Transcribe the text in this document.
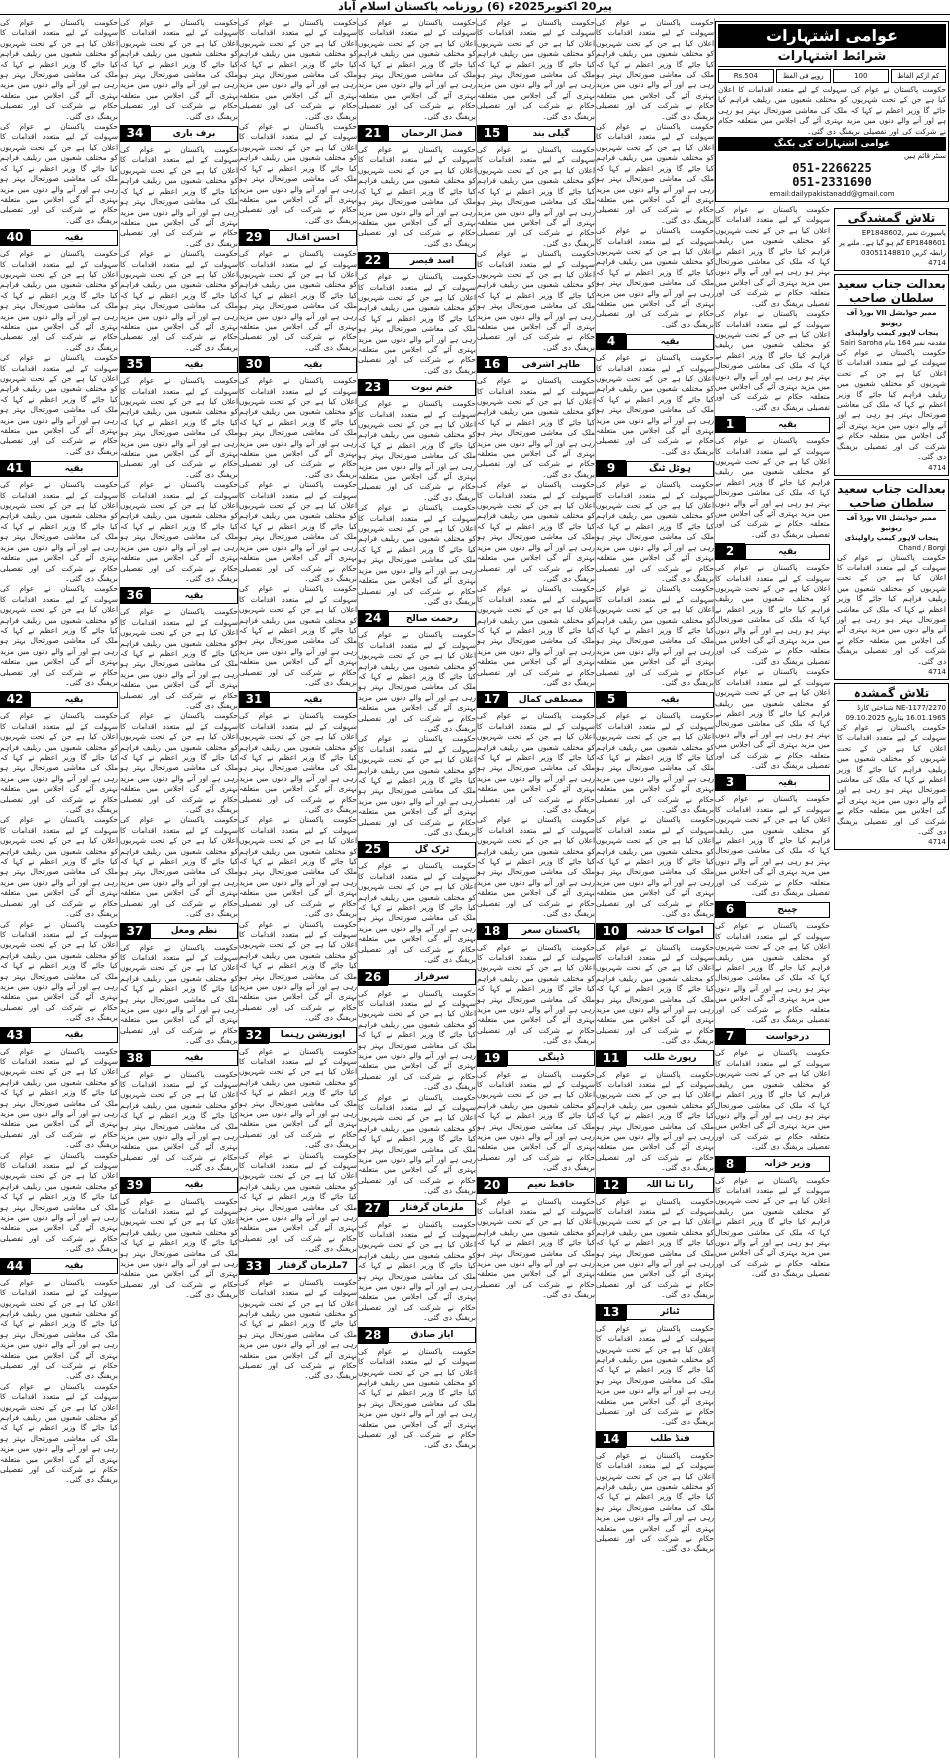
پیر20 اکتوبر2025ء (6) روزنامہ پاکستان اسلام آباد
حکومت پاکستان نے عوام کی سہولت کے لیے متعدد اقدامات کا اعلان کیا ہے جن کے تحت شہریوں کو مختلف شعبوں میں ریلیف فراہم کیا جائے گا وزیر اعظم نے کہا کہ ملک کی معاشی صورتحال بہتر ہو رہی ہے اور آنے والے دنوں میں مزید بہتری آئے گی اجلاس میں متعلقہ حکام نے شرکت کی اور تفصیلی بریفنگ دی گئی۔
حکومت پاکستان نے عوام کی سہولت کے لیے متعدد اقدامات کا اعلان کیا ہے جن کے تحت شہریوں کو مختلف شعبوں میں ریلیف فراہم کیا جائے گا وزیر اعظم نے کہا کہ ملک کی معاشی صورتحال بہتر ہو رہی ہے اور آنے والے دنوں میں مزید بہتری آئے گی اجلاس میں متعلقہ حکام نے شرکت کی اور تفصیلی بریفنگ دی گئی۔
40	بقیہ
حکومت پاکستان نے عوام کی سہولت کے لیے متعدد اقدامات کا اعلان کیا ہے جن کے تحت شہریوں کو مختلف شعبوں میں ریلیف فراہم کیا جائے گا وزیر اعظم نے کہا کہ ملک کی معاشی صورتحال بہتر ہو رہی ہے اور آنے والے دنوں میں مزید بہتری آئے گی اجلاس میں متعلقہ حکام نے شرکت کی اور تفصیلی بریفنگ دی گئی۔
حکومت پاکستان نے عوام کی سہولت کے لیے متعدد اقدامات کا اعلان کیا ہے جن کے تحت شہریوں کو مختلف شعبوں میں ریلیف فراہم کیا جائے گا وزیر اعظم نے کہا کہ ملک کی معاشی صورتحال بہتر ہو رہی ہے اور آنے والے دنوں میں مزید بہتری آئے گی اجلاس میں متعلقہ حکام نے شرکت کی اور تفصیلی بریفنگ دی گئی۔
41	بقیہ
حکومت پاکستان نے عوام کی سہولت کے لیے متعدد اقدامات کا اعلان کیا ہے جن کے تحت شہریوں کو مختلف شعبوں میں ریلیف فراہم کیا جائے گا وزیر اعظم نے کہا کہ ملک کی معاشی صورتحال بہتر ہو رہی ہے اور آنے والے دنوں میں مزید بہتری آئے گی اجلاس میں متعلقہ حکام نے شرکت کی اور تفصیلی بریفنگ دی گئی۔
حکومت پاکستان نے عوام کی سہولت کے لیے متعدد اقدامات کا اعلان کیا ہے جن کے تحت شہریوں کو مختلف شعبوں میں ریلیف فراہم کیا جائے گا وزیر اعظم نے کہا کہ ملک کی معاشی صورتحال بہتر ہو رہی ہے اور آنے والے دنوں میں مزید بہتری آئے گی اجلاس میں متعلقہ حکام نے شرکت کی اور تفصیلی بریفنگ دی گئی۔
42	بقیہ
حکومت پاکستان نے عوام کی سہولت کے لیے متعدد اقدامات کا اعلان کیا ہے جن کے تحت شہریوں کو مختلف شعبوں میں ریلیف فراہم کیا جائے گا وزیر اعظم نے کہا کہ ملک کی معاشی صورتحال بہتر ہو رہی ہے اور آنے والے دنوں میں مزید بہتری آئے گی اجلاس میں متعلقہ حکام نے شرکت کی اور تفصیلی بریفنگ دی گئی۔
حکومت پاکستان نے عوام کی سہولت کے لیے متعدد اقدامات کا اعلان کیا ہے جن کے تحت شہریوں کو مختلف شعبوں میں ریلیف فراہم کیا جائے گا وزیر اعظم نے کہا کہ ملک کی معاشی صورتحال بہتر ہو رہی ہے اور آنے والے دنوں میں مزید بہتری آئے گی اجلاس میں متعلقہ حکام نے شرکت کی اور تفصیلی بریفنگ دی گئی۔
حکومت پاکستان نے عوام کی سہولت کے لیے متعدد اقدامات کا اعلان کیا ہے جن کے تحت شہریوں کو مختلف شعبوں میں ریلیف فراہم کیا جائے گا وزیر اعظم نے کہا کہ ملک کی معاشی صورتحال بہتر ہو رہی ہے اور آنے والے دنوں میں مزید بہتری آئے گی اجلاس میں متعلقہ حکام نے شرکت کی اور تفصیلی بریفنگ دی گئی۔
43	بقیہ
حکومت پاکستان نے عوام کی سہولت کے لیے متعدد اقدامات کا اعلان کیا ہے جن کے تحت شہریوں کو مختلف شعبوں میں ریلیف فراہم کیا جائے گا وزیر اعظم نے کہا کہ ملک کی معاشی صورتحال بہتر ہو رہی ہے اور آنے والے دنوں میں مزید بہتری آئے گی اجلاس میں متعلقہ حکام نے شرکت کی اور تفصیلی بریفنگ دی گئی۔
حکومت پاکستان نے عوام کی سہولت کے لیے متعدد اقدامات کا اعلان کیا ہے جن کے تحت شہریوں کو مختلف شعبوں میں ریلیف فراہم کیا جائے گا وزیر اعظم نے کہا کہ ملک کی معاشی صورتحال بہتر ہو رہی ہے اور آنے والے دنوں میں مزید بہتری آئے گی اجلاس میں متعلقہ حکام نے شرکت کی اور تفصیلی بریفنگ دی گئی۔
44	بقیہ
حکومت پاکستان نے عوام کی سہولت کے لیے متعدد اقدامات کا اعلان کیا ہے جن کے تحت شہریوں کو مختلف شعبوں میں ریلیف فراہم کیا جائے گا وزیر اعظم نے کہا کہ ملک کی معاشی صورتحال بہتر ہو رہی ہے اور آنے والے دنوں میں مزید بہتری آئے گی اجلاس میں متعلقہ حکام نے شرکت کی اور تفصیلی بریفنگ دی گئی۔
حکومت پاکستان نے عوام کی سہولت کے لیے متعدد اقدامات کا اعلان کیا ہے جن کے تحت شہریوں کو مختلف شعبوں میں ریلیف فراہم کیا جائے گا وزیر اعظم نے کہا کہ ملک کی معاشی صورتحال بہتر ہو رہی ہے اور آنے والے دنوں میں مزید بہتری آئے گی اجلاس میں متعلقہ حکام نے شرکت کی اور تفصیلی بریفنگ دی گئی۔
حکومت پاکستان نے عوام کی سہولت کے لیے متعدد اقدامات کا اعلان کیا ہے جن کے تحت شہریوں کو مختلف شعبوں میں ریلیف فراہم کیا جائے گا وزیر اعظم نے کہا کہ ملک کی معاشی صورتحال بہتر ہو رہی ہے اور آنے والے دنوں میں مزید بہتری آئے گی اجلاس میں متعلقہ حکام نے شرکت کی اور تفصیلی بریفنگ دی گئی۔
34	برف باری
حکومت پاکستان نے عوام کی سہولت کے لیے متعدد اقدامات کا اعلان کیا ہے جن کے تحت شہریوں کو مختلف شعبوں میں ریلیف فراہم کیا جائے گا وزیر اعظم نے کہا کہ ملک کی معاشی صورتحال بہتر ہو رہی ہے اور آنے والے دنوں میں مزید بہتری آئے گی اجلاس میں متعلقہ حکام نے شرکت کی اور تفصیلی بریفنگ دی گئی۔
حکومت پاکستان نے عوام کی سہولت کے لیے متعدد اقدامات کا اعلان کیا ہے جن کے تحت شہریوں کو مختلف شعبوں میں ریلیف فراہم کیا جائے گا وزیر اعظم نے کہا کہ ملک کی معاشی صورتحال بہتر ہو رہی ہے اور آنے والے دنوں میں مزید بہتری آئے گی اجلاس میں متعلقہ حکام نے شرکت کی اور تفصیلی بریفنگ دی گئی۔
35	بقیہ
حکومت پاکستان نے عوام کی سہولت کے لیے متعدد اقدامات کا اعلان کیا ہے جن کے تحت شہریوں کو مختلف شعبوں میں ریلیف فراہم کیا جائے گا وزیر اعظم نے کہا کہ ملک کی معاشی صورتحال بہتر ہو رہی ہے اور آنے والے دنوں میں مزید بہتری آئے گی اجلاس میں متعلقہ حکام نے شرکت کی اور تفصیلی بریفنگ دی گئی۔
حکومت پاکستان نے عوام کی سہولت کے لیے متعدد اقدامات کا اعلان کیا ہے جن کے تحت شہریوں کو مختلف شعبوں میں ریلیف فراہم کیا جائے گا وزیر اعظم نے کہا کہ ملک کی معاشی صورتحال بہتر ہو رہی ہے اور آنے والے دنوں میں مزید بہتری آئے گی اجلاس میں متعلقہ حکام نے شرکت کی اور تفصیلی بریفنگ دی گئی۔
36	بقیہ
حکومت پاکستان نے عوام کی سہولت کے لیے متعدد اقدامات کا اعلان کیا ہے جن کے تحت شہریوں کو مختلف شعبوں میں ریلیف فراہم کیا جائے گا وزیر اعظم نے کہا کہ ملک کی معاشی صورتحال بہتر ہو رہی ہے اور آنے والے دنوں میں مزید بہتری آئے گی اجلاس میں متعلقہ حکام نے شرکت کی اور تفصیلی بریفنگ دی گئی۔
حکومت پاکستان نے عوام کی سہولت کے لیے متعدد اقدامات کا اعلان کیا ہے جن کے تحت شہریوں کو مختلف شعبوں میں ریلیف فراہم کیا جائے گا وزیر اعظم نے کہا کہ ملک کی معاشی صورتحال بہتر ہو رہی ہے اور آنے والے دنوں میں مزید بہتری آئے گی اجلاس میں متعلقہ حکام نے شرکت کی اور تفصیلی بریفنگ دی گئی۔
حکومت پاکستان نے عوام کی سہولت کے لیے متعدد اقدامات کا اعلان کیا ہے جن کے تحت شہریوں کو مختلف شعبوں میں ریلیف فراہم کیا جائے گا وزیر اعظم نے کہا کہ ملک کی معاشی صورتحال بہتر ہو رہی ہے اور آنے والے دنوں میں مزید بہتری آئے گی اجلاس میں متعلقہ حکام نے شرکت کی اور تفصیلی بریفنگ دی گئی۔
37	نظم ومعل
حکومت پاکستان نے عوام کی سہولت کے لیے متعدد اقدامات کا اعلان کیا ہے جن کے تحت شہریوں کو مختلف شعبوں میں ریلیف فراہم کیا جائے گا وزیر اعظم نے کہا کہ ملک کی معاشی صورتحال بہتر ہو رہی ہے اور آنے والے دنوں میں مزید بہتری آئے گی اجلاس میں متعلقہ حکام نے شرکت کی اور تفصیلی بریفنگ دی گئی۔
38	بقیہ
حکومت پاکستان نے عوام کی سہولت کے لیے متعدد اقدامات کا اعلان کیا ہے جن کے تحت شہریوں کو مختلف شعبوں میں ریلیف فراہم کیا جائے گا وزیر اعظم نے کہا کہ ملک کی معاشی صورتحال بہتر ہو رہی ہے اور آنے والے دنوں میں مزید بہتری آئے گی اجلاس میں متعلقہ حکام نے شرکت کی اور تفصیلی بریفنگ دی گئی۔
39	بقیہ
حکومت پاکستان نے عوام کی سہولت کے لیے متعدد اقدامات کا اعلان کیا ہے جن کے تحت شہریوں کو مختلف شعبوں میں ریلیف فراہم کیا جائے گا وزیر اعظم نے کہا کہ ملک کی معاشی صورتحال بہتر ہو رہی ہے اور آنے والے دنوں میں مزید بہتری آئے گی اجلاس میں متعلقہ حکام نے شرکت کی اور تفصیلی بریفنگ دی گئی۔
حکومت پاکستان نے عوام کی سہولت کے لیے متعدد اقدامات کا اعلان کیا ہے جن کے تحت شہریوں کو مختلف شعبوں میں ریلیف فراہم کیا جائے گا وزیر اعظم نے کہا کہ ملک کی معاشی صورتحال بہتر ہو رہی ہے اور آنے والے دنوں میں مزید بہتری آئے گی اجلاس میں متعلقہ حکام نے شرکت کی اور تفصیلی بریفنگ دی گئی۔
حکومت پاکستان نے عوام کی سہولت کے لیے متعدد اقدامات کا اعلان کیا ہے جن کے تحت شہریوں کو مختلف شعبوں میں ریلیف فراہم کیا جائے گا وزیر اعظم نے کہا کہ ملک کی معاشی صورتحال بہتر ہو رہی ہے اور آنے والے دنوں میں مزید بہتری آئے گی اجلاس میں متعلقہ حکام نے شرکت کی اور تفصیلی بریفنگ دی گئی۔
29	احسن اقبال
حکومت پاکستان نے عوام کی سہولت کے لیے متعدد اقدامات کا اعلان کیا ہے جن کے تحت شہریوں کو مختلف شعبوں میں ریلیف فراہم کیا جائے گا وزیر اعظم نے کہا کہ ملک کی معاشی صورتحال بہتر ہو رہی ہے اور آنے والے دنوں میں مزید بہتری آئے گی اجلاس میں متعلقہ حکام نے شرکت کی اور تفصیلی بریفنگ دی گئی۔
30	بقیہ
حکومت پاکستان نے عوام کی سہولت کے لیے متعدد اقدامات کا اعلان کیا ہے جن کے تحت شہریوں کو مختلف شعبوں میں ریلیف فراہم کیا جائے گا وزیر اعظم نے کہا کہ ملک کی معاشی صورتحال بہتر ہو رہی ہے اور آنے والے دنوں میں مزید بہتری آئے گی اجلاس میں متعلقہ حکام نے شرکت کی اور تفصیلی بریفنگ دی گئی۔
حکومت پاکستان نے عوام کی سہولت کے لیے متعدد اقدامات کا اعلان کیا ہے جن کے تحت شہریوں کو مختلف شعبوں میں ریلیف فراہم کیا جائے گا وزیر اعظم نے کہا کہ ملک کی معاشی صورتحال بہتر ہو رہی ہے اور آنے والے دنوں میں مزید بہتری آئے گی اجلاس میں متعلقہ حکام نے شرکت کی اور تفصیلی بریفنگ دی گئی۔
حکومت پاکستان نے عوام کی سہولت کے لیے متعدد اقدامات کا اعلان کیا ہے جن کے تحت شہریوں کو مختلف شعبوں میں ریلیف فراہم کیا جائے گا وزیر اعظم نے کہا کہ ملک کی معاشی صورتحال بہتر ہو رہی ہے اور آنے والے دنوں میں مزید بہتری آئے گی اجلاس میں متعلقہ حکام نے شرکت کی اور تفصیلی بریفنگ دی گئی۔
31	بقیہ
حکومت پاکستان نے عوام کی سہولت کے لیے متعدد اقدامات کا اعلان کیا ہے جن کے تحت شہریوں کو مختلف شعبوں میں ریلیف فراہم کیا جائے گا وزیر اعظم نے کہا کہ ملک کی معاشی صورتحال بہتر ہو رہی ہے اور آنے والے دنوں میں مزید بہتری آئے گی اجلاس میں متعلقہ حکام نے شرکت کی اور تفصیلی بریفنگ دی گئی۔
حکومت پاکستان نے عوام کی سہولت کے لیے متعدد اقدامات کا اعلان کیا ہے جن کے تحت شہریوں کو مختلف شعبوں میں ریلیف فراہم کیا جائے گا وزیر اعظم نے کہا کہ ملک کی معاشی صورتحال بہتر ہو رہی ہے اور آنے والے دنوں میں مزید بہتری آئے گی اجلاس میں متعلقہ حکام نے شرکت کی اور تفصیلی بریفنگ دی گئی۔
حکومت پاکستان نے عوام کی سہولت کے لیے متعدد اقدامات کا اعلان کیا ہے جن کے تحت شہریوں کو مختلف شعبوں میں ریلیف فراہم کیا جائے گا وزیر اعظم نے کہا کہ ملک کی معاشی صورتحال بہتر ہو رہی ہے اور آنے والے دنوں میں مزید بہتری آئے گی اجلاس میں متعلقہ حکام نے شرکت کی اور تفصیلی بریفنگ دی گئی۔
32	اپوزیشن رہنما
حکومت پاکستان نے عوام کی سہولت کے لیے متعدد اقدامات کا اعلان کیا ہے جن کے تحت شہریوں کو مختلف شعبوں میں ریلیف فراہم کیا جائے گا وزیر اعظم نے کہا کہ ملک کی معاشی صورتحال بہتر ہو رہی ہے اور آنے والے دنوں میں مزید بہتری آئے گی اجلاس میں متعلقہ حکام نے شرکت کی اور تفصیلی بریفنگ دی گئی۔
حکومت پاکستان نے عوام کی سہولت کے لیے متعدد اقدامات کا اعلان کیا ہے جن کے تحت شہریوں کو مختلف شعبوں میں ریلیف فراہم کیا جائے گا وزیر اعظم نے کہا کہ ملک کی معاشی صورتحال بہتر ہو رہی ہے اور آنے والے دنوں میں مزید بہتری آئے گی اجلاس میں متعلقہ حکام نے شرکت کی اور تفصیلی بریفنگ دی گئی۔
33	7ملزمان گرفتار
حکومت پاکستان نے عوام کی سہولت کے لیے متعدد اقدامات کا اعلان کیا ہے جن کے تحت شہریوں کو مختلف شعبوں میں ریلیف فراہم کیا جائے گا وزیر اعظم نے کہا کہ ملک کی معاشی صورتحال بہتر ہو رہی ہے اور آنے والے دنوں میں مزید بہتری آئے گی اجلاس میں متعلقہ حکام نے شرکت کی اور تفصیلی بریفنگ دی گئی۔
حکومت پاکستان نے عوام کی سہولت کے لیے متعدد اقدامات کا اعلان کیا ہے جن کے تحت شہریوں کو مختلف شعبوں میں ریلیف فراہم کیا جائے گا وزیر اعظم نے کہا کہ ملک کی معاشی صورتحال بہتر ہو رہی ہے اور آنے والے دنوں میں مزید بہتری آئے گی اجلاس میں متعلقہ حکام نے شرکت کی اور تفصیلی بریفنگ دی گئی۔
21	فضل الرحمان
حکومت پاکستان نے عوام کی سہولت کے لیے متعدد اقدامات کا اعلان کیا ہے جن کے تحت شہریوں کو مختلف شعبوں میں ریلیف فراہم کیا جائے گا وزیر اعظم نے کہا کہ ملک کی معاشی صورتحال بہتر ہو رہی ہے اور آنے والے دنوں میں مزید بہتری آئے گی اجلاس میں متعلقہ حکام نے شرکت کی اور تفصیلی بریفنگ دی گئی۔
22	اسد قیصر
حکومت پاکستان نے عوام کی سہولت کے لیے متعدد اقدامات کا اعلان کیا ہے جن کے تحت شہریوں کو مختلف شعبوں میں ریلیف فراہم کیا جائے گا وزیر اعظم نے کہا کہ ملک کی معاشی صورتحال بہتر ہو رہی ہے اور آنے والے دنوں میں مزید بہتری آئے گی اجلاس میں متعلقہ حکام نے شرکت کی اور تفصیلی بریفنگ دی گئی۔
23	ختم نبوت
حکومت پاکستان نے عوام کی سہولت کے لیے متعدد اقدامات کا اعلان کیا ہے جن کے تحت شہریوں کو مختلف شعبوں میں ریلیف فراہم کیا جائے گا وزیر اعظم نے کہا کہ ملک کی معاشی صورتحال بہتر ہو رہی ہے اور آنے والے دنوں میں مزید بہتری آئے گی اجلاس میں متعلقہ حکام نے شرکت کی اور تفصیلی بریفنگ دی گئی۔
حکومت پاکستان نے عوام کی سہولت کے لیے متعدد اقدامات کا اعلان کیا ہے جن کے تحت شہریوں کو مختلف شعبوں میں ریلیف فراہم کیا جائے گا وزیر اعظم نے کہا کہ ملک کی معاشی صورتحال بہتر ہو رہی ہے اور آنے والے دنوں میں مزید بہتری آئے گی اجلاس میں متعلقہ حکام نے شرکت کی اور تفصیلی بریفنگ دی گئی۔
24	رحمت صالح
حکومت پاکستان نے عوام کی سہولت کے لیے متعدد اقدامات کا اعلان کیا ہے جن کے تحت شہریوں کو مختلف شعبوں میں ریلیف فراہم کیا جائے گا وزیر اعظم نے کہا کہ ملک کی معاشی صورتحال بہتر ہو رہی ہے اور آنے والے دنوں میں مزید بہتری آئے گی اجلاس میں متعلقہ حکام نے شرکت کی اور تفصیلی بریفنگ دی گئی۔
حکومت پاکستان نے عوام کی سہولت کے لیے متعدد اقدامات کا اعلان کیا ہے جن کے تحت شہریوں کو مختلف شعبوں میں ریلیف فراہم کیا جائے گا وزیر اعظم نے کہا کہ ملک کی معاشی صورتحال بہتر ہو رہی ہے اور آنے والے دنوں میں مزید بہتری آئے گی اجلاس میں متعلقہ حکام نے شرکت کی اور تفصیلی بریفنگ دی گئی۔
25	ٹرک گل
حکومت پاکستان نے عوام کی سہولت کے لیے متعدد اقدامات کا اعلان کیا ہے جن کے تحت شہریوں کو مختلف شعبوں میں ریلیف فراہم کیا جائے گا وزیر اعظم نے کہا کہ ملک کی معاشی صورتحال بہتر ہو رہی ہے اور آنے والے دنوں میں مزید بہتری آئے گی اجلاس میں متعلقہ حکام نے شرکت کی اور تفصیلی بریفنگ دی گئی۔
26	سرفراز
حکومت پاکستان نے عوام کی سہولت کے لیے متعدد اقدامات کا اعلان کیا ہے جن کے تحت شہریوں کو مختلف شعبوں میں ریلیف فراہم کیا جائے گا وزیر اعظم نے کہا کہ ملک کی معاشی صورتحال بہتر ہو رہی ہے اور آنے والے دنوں میں مزید بہتری آئے گی اجلاس میں متعلقہ حکام نے شرکت کی اور تفصیلی بریفنگ دی گئی۔
حکومت پاکستان نے عوام کی سہولت کے لیے متعدد اقدامات کا اعلان کیا ہے جن کے تحت شہریوں کو مختلف شعبوں میں ریلیف فراہم کیا جائے گا وزیر اعظم نے کہا کہ ملک کی معاشی صورتحال بہتر ہو رہی ہے اور آنے والے دنوں میں مزید بہتری آئے گی اجلاس میں متعلقہ حکام نے شرکت کی اور تفصیلی بریفنگ دی گئی۔
27	ملزمان گرفتار
حکومت پاکستان نے عوام کی سہولت کے لیے متعدد اقدامات کا اعلان کیا ہے جن کے تحت شہریوں کو مختلف شعبوں میں ریلیف فراہم کیا جائے گا وزیر اعظم نے کہا کہ ملک کی معاشی صورتحال بہتر ہو رہی ہے اور آنے والے دنوں میں مزید بہتری آئے گی اجلاس میں متعلقہ حکام نے شرکت کی اور تفصیلی بریفنگ دی گئی۔
28	ایاز صادق
حکومت پاکستان نے عوام کی سہولت کے لیے متعدد اقدامات کا اعلان کیا ہے جن کے تحت شہریوں کو مختلف شعبوں میں ریلیف فراہم کیا جائے گا وزیر اعظم نے کہا کہ ملک کی معاشی صورتحال بہتر ہو رہی ہے اور آنے والے دنوں میں مزید بہتری آئے گی اجلاس میں متعلقہ حکام نے شرکت کی اور تفصیلی بریفنگ دی گئی۔
حکومت پاکستان نے عوام کی سہولت کے لیے متعدد اقدامات کا اعلان کیا ہے جن کے تحت شہریوں کو مختلف شعبوں میں ریلیف فراہم کیا جائے گا وزیر اعظم نے کہا کہ ملک کی معاشی صورتحال بہتر ہو رہی ہے اور آنے والے دنوں میں مزید بہتری آئے گی اجلاس میں متعلقہ حکام نے شرکت کی اور تفصیلی بریفنگ دی گئی۔
15	گیلی بند
حکومت پاکستان نے عوام کی سہولت کے لیے متعدد اقدامات کا اعلان کیا ہے جن کے تحت شہریوں کو مختلف شعبوں میں ریلیف فراہم کیا جائے گا وزیر اعظم نے کہا کہ ملک کی معاشی صورتحال بہتر ہو رہی ہے اور آنے والے دنوں میں مزید بہتری آئے گی اجلاس میں متعلقہ حکام نے شرکت کی اور تفصیلی بریفنگ دی گئی۔
حکومت پاکستان نے عوام کی سہولت کے لیے متعدد اقدامات کا اعلان کیا ہے جن کے تحت شہریوں کو مختلف شعبوں میں ریلیف فراہم کیا جائے گا وزیر اعظم نے کہا کہ ملک کی معاشی صورتحال بہتر ہو رہی ہے اور آنے والے دنوں میں مزید بہتری آئے گی اجلاس میں متعلقہ حکام نے شرکت کی اور تفصیلی بریفنگ دی گئی۔
16	طاہر اشرفی
حکومت پاکستان نے عوام کی سہولت کے لیے متعدد اقدامات کا اعلان کیا ہے جن کے تحت شہریوں کو مختلف شعبوں میں ریلیف فراہم کیا جائے گا وزیر اعظم نے کہا کہ ملک کی معاشی صورتحال بہتر ہو رہی ہے اور آنے والے دنوں میں مزید بہتری آئے گی اجلاس میں متعلقہ حکام نے شرکت کی اور تفصیلی بریفنگ دی گئی۔
حکومت پاکستان نے عوام کی سہولت کے لیے متعدد اقدامات کا اعلان کیا ہے جن کے تحت شہریوں کو مختلف شعبوں میں ریلیف فراہم کیا جائے گا وزیر اعظم نے کہا کہ ملک کی معاشی صورتحال بہتر ہو رہی ہے اور آنے والے دنوں میں مزید بہتری آئے گی اجلاس میں متعلقہ حکام نے شرکت کی اور تفصیلی بریفنگ دی گئی۔
حکومت پاکستان نے عوام کی سہولت کے لیے متعدد اقدامات کا اعلان کیا ہے جن کے تحت شہریوں کو مختلف شعبوں میں ریلیف فراہم کیا جائے گا وزیر اعظم نے کہا کہ ملک کی معاشی صورتحال بہتر ہو رہی ہے اور آنے والے دنوں میں مزید بہتری آئے گی اجلاس میں متعلقہ حکام نے شرکت کی اور تفصیلی بریفنگ دی گئی۔
17	مصطفی کمال
حکومت پاکستان نے عوام کی سہولت کے لیے متعدد اقدامات کا اعلان کیا ہے جن کے تحت شہریوں کو مختلف شعبوں میں ریلیف فراہم کیا جائے گا وزیر اعظم نے کہا کہ ملک کی معاشی صورتحال بہتر ہو رہی ہے اور آنے والے دنوں میں مزید بہتری آئے گی اجلاس میں متعلقہ حکام نے شرکت کی اور تفصیلی بریفنگ دی گئی۔
حکومت پاکستان نے عوام کی سہولت کے لیے متعدد اقدامات کا اعلان کیا ہے جن کے تحت شہریوں کو مختلف شعبوں میں ریلیف فراہم کیا جائے گا وزیر اعظم نے کہا کہ ملک کی معاشی صورتحال بہتر ہو رہی ہے اور آنے والے دنوں میں مزید بہتری آئے گی اجلاس میں متعلقہ حکام نے شرکت کی اور تفصیلی بریفنگ دی گئی۔
18	پاکستان سعر
حکومت پاکستان نے عوام کی سہولت کے لیے متعدد اقدامات کا اعلان کیا ہے جن کے تحت شہریوں کو مختلف شعبوں میں ریلیف فراہم کیا جائے گا وزیر اعظم نے کہا کہ ملک کی معاشی صورتحال بہتر ہو رہی ہے اور آنے والے دنوں میں مزید بہتری آئے گی اجلاس میں متعلقہ حکام نے شرکت کی اور تفصیلی بریفنگ دی گئی۔
19	ڈینگی
حکومت پاکستان نے عوام کی سہولت کے لیے متعدد اقدامات کا اعلان کیا ہے جن کے تحت شہریوں کو مختلف شعبوں میں ریلیف فراہم کیا جائے گا وزیر اعظم نے کہا کہ ملک کی معاشی صورتحال بہتر ہو رہی ہے اور آنے والے دنوں میں مزید بہتری آئے گی اجلاس میں متعلقہ حکام نے شرکت کی اور تفصیلی بریفنگ دی گئی۔
20	حافظ نعیم
حکومت پاکستان نے عوام کی سہولت کے لیے متعدد اقدامات کا اعلان کیا ہے جن کے تحت شہریوں کو مختلف شعبوں میں ریلیف فراہم کیا جائے گا وزیر اعظم نے کہا کہ ملک کی معاشی صورتحال بہتر ہو رہی ہے اور آنے والے دنوں میں مزید بہتری آئے گی اجلاس میں متعلقہ حکام نے شرکت کی اور تفصیلی بریفنگ دی گئی۔
حکومت پاکستان نے عوام کی سہولت کے لیے متعدد اقدامات کا اعلان کیا ہے جن کے تحت شہریوں کو مختلف شعبوں میں ریلیف فراہم کیا جائے گا وزیر اعظم نے کہا کہ ملک کی معاشی صورتحال بہتر ہو رہی ہے اور آنے والے دنوں میں مزید بہتری آئے گی اجلاس میں متعلقہ حکام نے شرکت کی اور تفصیلی بریفنگ دی گئی۔
حکومت پاکستان نے عوام کی سہولت کے لیے متعدد اقدامات کا اعلان کیا ہے جن کے تحت شہریوں کو مختلف شعبوں میں ریلیف فراہم کیا جائے گا وزیر اعظم نے کہا کہ ملک کی معاشی صورتحال بہتر ہو رہی ہے اور آنے والے دنوں میں مزید بہتری آئے گی اجلاس میں متعلقہ حکام نے شرکت کی اور تفصیلی بریفنگ دی گئی۔
حکومت پاکستان نے عوام کی سہولت کے لیے متعدد اقدامات کا اعلان کیا ہے جن کے تحت شہریوں کو مختلف شعبوں میں ریلیف فراہم کیا جائے گا وزیر اعظم نے کہا کہ ملک کی معاشی صورتحال بہتر ہو رہی ہے اور آنے والے دنوں میں مزید بہتری آئے گی اجلاس میں متعلقہ حکام نے شرکت کی اور تفصیلی بریفنگ دی گئی۔
4	بقیہ
حکومت پاکستان نے عوام کی سہولت کے لیے متعدد اقدامات کا اعلان کیا ہے جن کے تحت شہریوں کو مختلف شعبوں میں ریلیف فراہم کیا جائے گا وزیر اعظم نے کہا کہ ملک کی معاشی صورتحال بہتر ہو رہی ہے اور آنے والے دنوں میں مزید بہتری آئے گی اجلاس میں متعلقہ حکام نے شرکت کی اور تفصیلی بریفنگ دی گئی۔
9	ہوٹل ٹنگ
حکومت پاکستان نے عوام کی سہولت کے لیے متعدد اقدامات کا اعلان کیا ہے جن کے تحت شہریوں کو مختلف شعبوں میں ریلیف فراہم کیا جائے گا وزیر اعظم نے کہا کہ ملک کی معاشی صورتحال بہتر ہو رہی ہے اور آنے والے دنوں میں مزید بہتری آئے گی اجلاس میں متعلقہ حکام نے شرکت کی اور تفصیلی بریفنگ دی گئی۔
حکومت پاکستان نے عوام کی سہولت کے لیے متعدد اقدامات کا اعلان کیا ہے جن کے تحت شہریوں کو مختلف شعبوں میں ریلیف فراہم کیا جائے گا وزیر اعظم نے کہا کہ ملک کی معاشی صورتحال بہتر ہو رہی ہے اور آنے والے دنوں میں مزید بہتری آئے گی اجلاس میں متعلقہ حکام نے شرکت کی اور تفصیلی بریفنگ دی گئی۔
5	بقیہ
حکومت پاکستان نے عوام کی سہولت کے لیے متعدد اقدامات کا اعلان کیا ہے جن کے تحت شہریوں کو مختلف شعبوں میں ریلیف فراہم کیا جائے گا وزیر اعظم نے کہا کہ ملک کی معاشی صورتحال بہتر ہو رہی ہے اور آنے والے دنوں میں مزید بہتری آئے گی اجلاس میں متعلقہ حکام نے شرکت کی اور تفصیلی بریفنگ دی گئی۔
حکومت پاکستان نے عوام کی سہولت کے لیے متعدد اقدامات کا اعلان کیا ہے جن کے تحت شہریوں کو مختلف شعبوں میں ریلیف فراہم کیا جائے گا وزیر اعظم نے کہا کہ ملک کی معاشی صورتحال بہتر ہو رہی ہے اور آنے والے دنوں میں مزید بہتری آئے گی اجلاس میں متعلقہ حکام نے شرکت کی اور تفصیلی بریفنگ دی گئی۔
10	اموات کا خدشہ
حکومت پاکستان نے عوام کی سہولت کے لیے متعدد اقدامات کا اعلان کیا ہے جن کے تحت شہریوں کو مختلف شعبوں میں ریلیف فراہم کیا جائے گا وزیر اعظم نے کہا کہ ملک کی معاشی صورتحال بہتر ہو رہی ہے اور آنے والے دنوں میں مزید بہتری آئے گی اجلاس میں متعلقہ حکام نے شرکت کی اور تفصیلی بریفنگ دی گئی۔
11	رپورٹ طلب
حکومت پاکستان نے عوام کی سہولت کے لیے متعدد اقدامات کا اعلان کیا ہے جن کے تحت شہریوں کو مختلف شعبوں میں ریلیف فراہم کیا جائے گا وزیر اعظم نے کہا کہ ملک کی معاشی صورتحال بہتر ہو رہی ہے اور آنے والے دنوں میں مزید بہتری آئے گی اجلاس میں متعلقہ حکام نے شرکت کی اور تفصیلی بریفنگ دی گئی۔
12	رانا ثنا اللہ
حکومت پاکستان نے عوام کی سہولت کے لیے متعدد اقدامات کا اعلان کیا ہے جن کے تحت شہریوں کو مختلف شعبوں میں ریلیف فراہم کیا جائے گا وزیر اعظم نے کہا کہ ملک کی معاشی صورتحال بہتر ہو رہی ہے اور آنے والے دنوں میں مزید بہتری آئے گی اجلاس میں متعلقہ حکام نے شرکت کی اور تفصیلی بریفنگ دی گئی۔
13	ٹنائر
حکومت پاکستان نے عوام کی سہولت کے لیے متعدد اقدامات کا اعلان کیا ہے جن کے تحت شہریوں کو مختلف شعبوں میں ریلیف فراہم کیا جائے گا وزیر اعظم نے کہا کہ ملک کی معاشی صورتحال بہتر ہو رہی ہے اور آنے والے دنوں میں مزید بہتری آئے گی اجلاس میں متعلقہ حکام نے شرکت کی اور تفصیلی بریفنگ دی گئی۔
14	فنڈ طلب
حکومت پاکستان نے عوام کی سہولت کے لیے متعدد اقدامات کا اعلان کیا ہے جن کے تحت شہریوں کو مختلف شعبوں میں ریلیف فراہم کیا جائے گا وزیر اعظم نے کہا کہ ملک کی معاشی صورتحال بہتر ہو رہی ہے اور آنے والے دنوں میں مزید بہتری آئے گی اجلاس میں متعلقہ حکام نے شرکت کی اور تفصیلی بریفنگ دی گئی۔
عوامی اشتہارات
شرائط اشتہارات
کم ازکم الفاظ
100
روپے فی الفظ
Rs.504
حکومت پاکستان نے عوام کی سہولت کے لیے متعدد اقدامات کا اعلان کیا ہے جن کے تحت شہریوں کو مختلف شعبوں میں ریلیف فراہم کیا جائے گا وزیر اعظم نے کہا کہ ملک کی معاشی صورتحال بہتر ہو رہی ہے اور آنے والے دنوں میں مزید بہتری آئے گی اجلاس میں متعلقہ حکام نے شرکت کی اور تفصیلی بریفنگ دی گئی۔
عوامی اشتہارات کی بکنگ
سنٹر قائم ہیں
051-2266225
051-2331690
email:dailypakistanadd@gmail.com
حکومت پاکستان نے عوام کی سہولت کے لیے متعدد اقدامات کا اعلان کیا ہے جن کے تحت شہریوں کو مختلف شعبوں میں ریلیف فراہم کیا جائے گا وزیر اعظم نے کہا کہ ملک کی معاشی صورتحال بہتر ہو رہی ہے اور آنے والے دنوں میں مزید بہتری آئے گی اجلاس میں متعلقہ حکام نے شرکت کی اور تفصیلی بریفنگ دی گئی۔
حکومت پاکستان نے عوام کی سہولت کے لیے متعدد اقدامات کا اعلان کیا ہے جن کے تحت شہریوں کو مختلف شعبوں میں ریلیف فراہم کیا جائے گا وزیر اعظم نے کہا کہ ملک کی معاشی صورتحال بہتر ہو رہی ہے اور آنے والے دنوں میں مزید بہتری آئے گی اجلاس میں متعلقہ حکام نے شرکت کی اور تفصیلی بریفنگ دی گئی۔
1	بقیہ
حکومت پاکستان نے عوام کی سہولت کے لیے متعدد اقدامات کا اعلان کیا ہے جن کے تحت شہریوں کو مختلف شعبوں میں ریلیف فراہم کیا جائے گا وزیر اعظم نے کہا کہ ملک کی معاشی صورتحال بہتر ہو رہی ہے اور آنے والے دنوں میں مزید بہتری آئے گی اجلاس میں متعلقہ حکام نے شرکت کی اور تفصیلی بریفنگ دی گئی۔
2	بقیہ
حکومت پاکستان نے عوام کی سہولت کے لیے متعدد اقدامات کا اعلان کیا ہے جن کے تحت شہریوں کو مختلف شعبوں میں ریلیف فراہم کیا جائے گا وزیر اعظم نے کہا کہ ملک کی معاشی صورتحال بہتر ہو رہی ہے اور آنے والے دنوں میں مزید بہتری آئے گی اجلاس میں متعلقہ حکام نے شرکت کی اور تفصیلی بریفنگ دی گئی۔
حکومت پاکستان نے عوام کی سہولت کے لیے متعدد اقدامات کا اعلان کیا ہے جن کے تحت شہریوں کو مختلف شعبوں میں ریلیف فراہم کیا جائے گا وزیر اعظم نے کہا کہ ملک کی معاشی صورتحال بہتر ہو رہی ہے اور آنے والے دنوں میں مزید بہتری آئے گی اجلاس میں متعلقہ حکام نے شرکت کی اور تفصیلی بریفنگ دی گئی۔
3	بقیہ
حکومت پاکستان نے عوام کی سہولت کے لیے متعدد اقدامات کا اعلان کیا ہے جن کے تحت شہریوں کو مختلف شعبوں میں ریلیف فراہم کیا جائے گا وزیر اعظم نے کہا کہ ملک کی معاشی صورتحال بہتر ہو رہی ہے اور آنے والے دنوں میں مزید بہتری آئے گی اجلاس میں متعلقہ حکام نے شرکت کی اور تفصیلی بریفنگ دی گئی۔
6	چینج
حکومت پاکستان نے عوام کی سہولت کے لیے متعدد اقدامات کا اعلان کیا ہے جن کے تحت شہریوں کو مختلف شعبوں میں ریلیف فراہم کیا جائے گا وزیر اعظم نے کہا کہ ملک کی معاشی صورتحال بہتر ہو رہی ہے اور آنے والے دنوں میں مزید بہتری آئے گی اجلاس میں متعلقہ حکام نے شرکت کی اور تفصیلی بریفنگ دی گئی۔
7	درخواست
حکومت پاکستان نے عوام کی سہولت کے لیے متعدد اقدامات کا اعلان کیا ہے جن کے تحت شہریوں کو مختلف شعبوں میں ریلیف فراہم کیا جائے گا وزیر اعظم نے کہا کہ ملک کی معاشی صورتحال بہتر ہو رہی ہے اور آنے والے دنوں میں مزید بہتری آئے گی اجلاس میں متعلقہ حکام نے شرکت کی اور تفصیلی بریفنگ دی گئی۔
8	وزیر خزانہ
حکومت پاکستان نے عوام کی سہولت کے لیے متعدد اقدامات کا اعلان کیا ہے جن کے تحت شہریوں کو مختلف شعبوں میں ریلیف فراہم کیا جائے گا وزیر اعظم نے کہا کہ ملک کی معاشی صورتحال بہتر ہو رہی ہے اور آنے والے دنوں میں مزید بہتری آئے گی اجلاس میں متعلقہ حکام نے شرکت کی اور تفصیلی بریفنگ دی گئی۔
تلاش گمشدگی
پاسپورٹ نمبر EP1848602, EP1848601 گم ہو گیا ہے۔ ملنے پر رابطہ کریں 03051148810
4714
بعدالت جناب سعید سلطان صاحب
ممبر جوڈیشل VII بورڈ آف ریونیو
پنجاب لاہور کیمپ راولپنڈی
مقدمہ نمبر 164 بنام Sairi Saroha
حکومت پاکستان نے عوام کی سہولت کے لیے متعدد اقدامات کا اعلان کیا ہے جن کے تحت شہریوں کو مختلف شعبوں میں ریلیف فراہم کیا جائے گا وزیر اعظم نے کہا کہ ملک کی معاشی صورتحال بہتر ہو رہی ہے اور آنے والے دنوں میں مزید بہتری آئے گی اجلاس میں متعلقہ حکام نے شرکت کی اور تفصیلی بریفنگ دی گئی۔
4714
بعدالت جناب سعید سلطان صاحب
ممبر جوڈیشل VII بورڈ آف ریونیو
پنجاب لاہور کیمپ راولپنڈی
Chand / Borgi
حکومت پاکستان نے عوام کی سہولت کے لیے متعدد اقدامات کا اعلان کیا ہے جن کے تحت شہریوں کو مختلف شعبوں میں ریلیف فراہم کیا جائے گا وزیر اعظم نے کہا کہ ملک کی معاشی صورتحال بہتر ہو رہی ہے اور آنے والے دنوں میں مزید بہتری آئے گی اجلاس میں متعلقہ حکام نے شرکت کی اور تفصیلی بریفنگ دی گئی۔
4714
تلاش گمشدہ
NE-1177/2270 شناختی کارڈ 16.01.1965 بتاریخ 09.10.2025
حکومت پاکستان نے عوام کی سہولت کے لیے متعدد اقدامات کا اعلان کیا ہے جن کے تحت شہریوں کو مختلف شعبوں میں ریلیف فراہم کیا جائے گا وزیر اعظم نے کہا کہ ملک کی معاشی صورتحال بہتر ہو رہی ہے اور آنے والے دنوں میں مزید بہتری آئے گی اجلاس میں متعلقہ حکام نے شرکت کی اور تفصیلی بریفنگ دی گئی۔
4714
